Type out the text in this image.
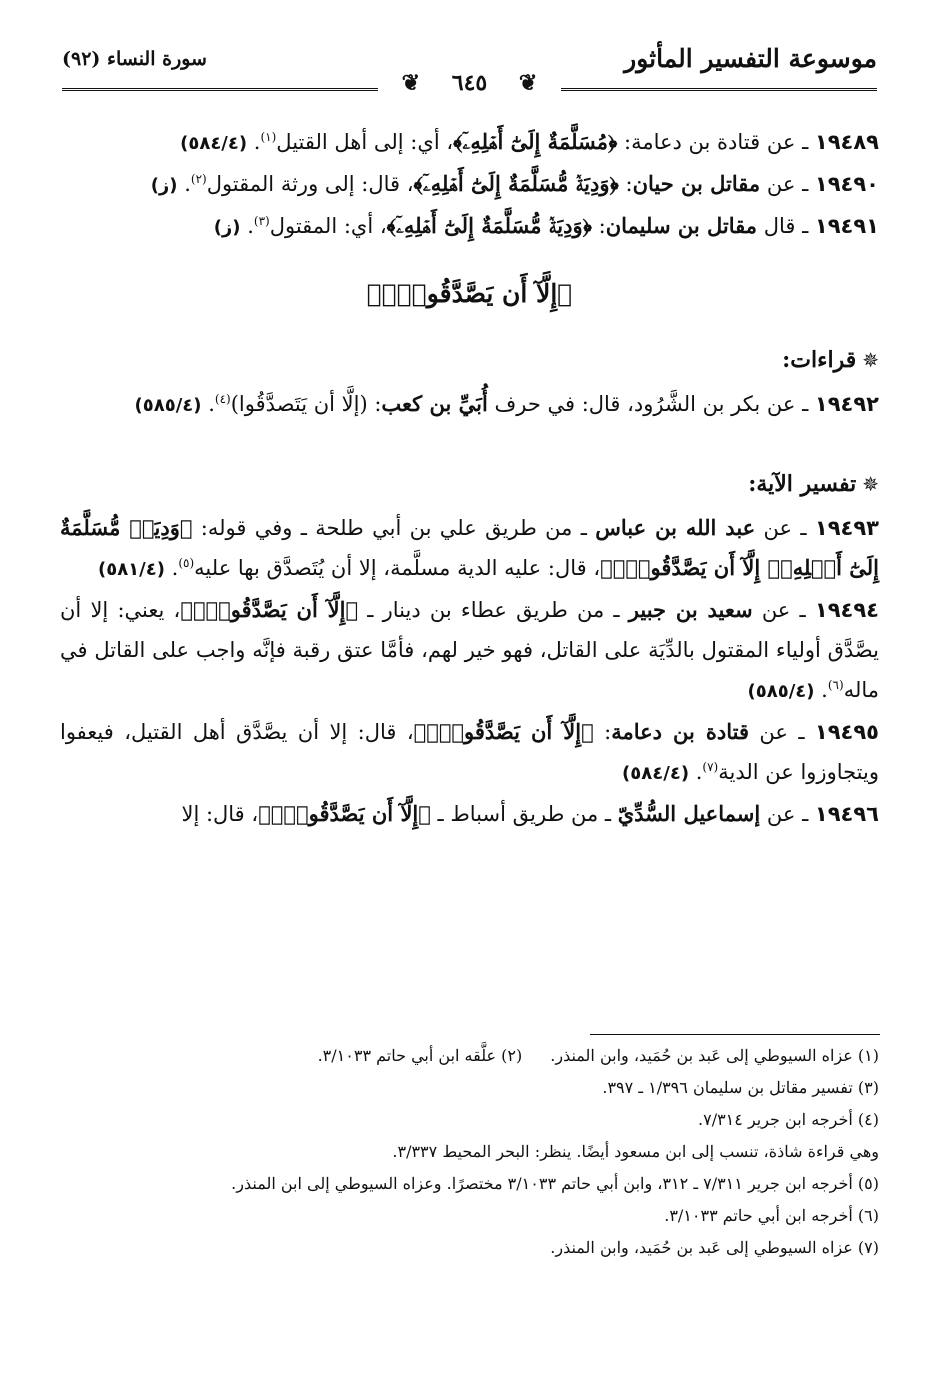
موسوعة التفسير المأثور
سورة النساء (٩٢)
❦ ٦٤٥ ❦

١٩٤٨٩ ـ عن قتادة بن دعامة: ﴿مُسَلَّمَةٌ إِلَىٰٓ أَهۡلِهِۦٓ﴾، أي: إلى أهل القتيل$^{(١)}$. (٥٨٤/٤)

١٩٤٩٠ ـ عن مقاتل بن حيان: ﴿وَدِيَةٞ مُّسَلَّمَةٌ إِلَىٰٓ أَهۡلِهِۦٓ﴾، قال: إلى ورثة المقتول$^{(٢)}$. (ز)

١٩٤٩١ ـ قال مقاتل بن سليمان: ﴿وَدِيَةٞ مُّسَلَّمَةٌ إِلَىٰٓ أَهۡلِهِۦٓ﴾، أي: المقتول$^{(٣)}$. (ز)

﴿إِلَّآ أَن يَصَّدَّقُواْۚ﴾
✵قراءات:

١٩٤٩٢ ـ عن بكر بن الشَّرُود، قال: في حرف أُبَيِّ بن كعب: (إلَّا أن يَتَصدَّقُوا)$^{(٤)}$. (٥٨٥/٤)

✵تفسير الآية:

١٩٤٩٣ ـ عن عبد الله بن عباس ـ من طريق علي بن أبي طلحة ـ وفي قوله: ﴿وَدِيَةٞ مُّسَلَّمَةٌ إِلَىٰٓ أَهۡلِهِۦٓ إِلَّآ أَن يَصَّدَّقُواْۚ﴾، قال: عليه الدية مسلَّمة، إلا أن يُتَصدَّق بها عليه$^{(٥)}$. (٥٨١/٤)

١٩٤٩٤ ـ عن سعيد بن جبير ـ من طريق عطاء بن دينار ـ ﴿إِلَّآ أَن يَصَّدَّقُواْۚ﴾، يعني: إلا أن يصَّدَّق أولياء المقتول بالدِّيَة على القاتل، فهو خير لهم، فأمَّا عتق رقبة فإنَّه واجب على القاتل في ماله$^{(٦)}$. (٥٨٥/٤)

١٩٤٩٥ ـ عن قتادة بن دعامة: ﴿إِلَّآ أَن يَصَّدَّقُواْۚ﴾، قال: إلا أن يصَّدَّق أهل القتيل، فيعفوا ويتجاوزوا عن الدية$^{(٧)}$. (٥٨٤/٤)

١٩٤٩٦ ـ عن إسماعيل السُّدِّيّ ـ من طريق أسباط ـ ﴿إِلَّآ أَن يَصَّدَّقُواْۚ﴾، قال: إلا

(١) عزاه السيوطي إلى عَبد بن حُمَيد، وابن المنذر.(٢) علَّقه ابن أبي حاتم ٣/١٠٣٣.

(٣) تفسير مقاتل بن سليمان ١/٣٩٦ ـ ٣٩٧.

(٤) أخرجه ابن جرير ٧/٣١٤.

وهي قراءة شاذة، تنسب إلى ابن مسعود أيضًا. ينظر: البحر المحيط ٣/٣٣٧.

(٥) أخرجه ابن جرير ٧/٣١١ ـ ٣١٢، وابن أبي حاتم ٣/١٠٣٣ مختصرًا. وعزاه السيوطي إلى ابن المنذر.

(٦) أخرجه ابن أبي حاتم ٣/١٠٣٣.

(٧) عزاه السيوطي إلى عَبد بن حُمَيد، وابن المنذر.
